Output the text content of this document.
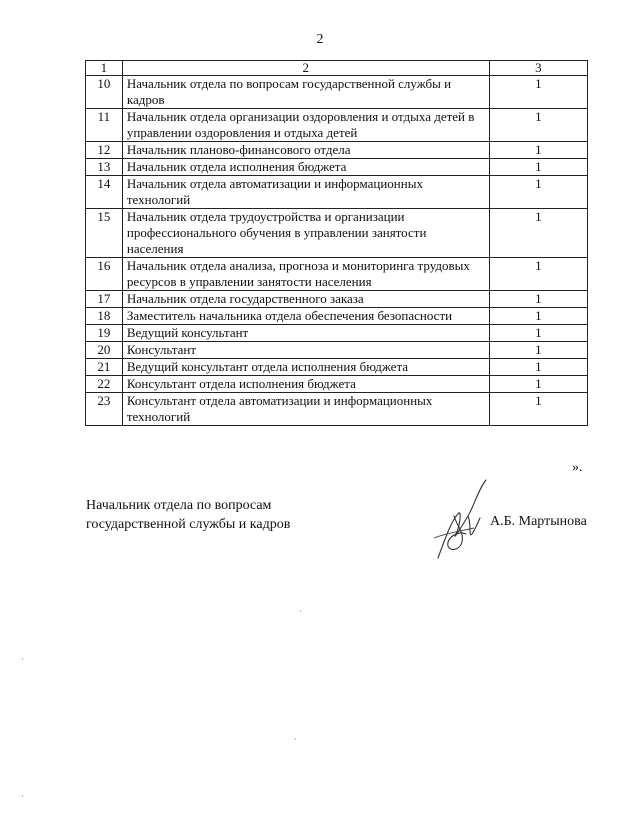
2
1	2	3
10	Начальник отдела по вопросам государственной службы и кадров	1
11	Начальник отдела организации оздоровления и отдыха детей в управлении оздоровления и отдыха детей	1
12	Начальник планово-финансового отдела	1
13	Начальник отдела исполнения бюджета	1
14	Начальник отдела автоматизации и информационных технологий	1
15	Начальник отдела трудоустройства и организации профессионального обучения в управлении занятости населения	1
16	Начальник отдела анализа, прогноза и мониторинга трудовых ресурсов в управлении занятости населения	1
17	Начальник отдела государственного заказа	1
18	Заместитель начальника отдела обеспечения безопасности	1
19	Ведущий консультант	1
20	Консультант	1
21	Ведущий консультант отдела исполнения бюджета	1
22	Консультант отдела исполнения бюджета	1
23	Консультант отдела автоматизации и информационных технологий	1
».
Начальник отдела по вопросам
государственной службы и кадров	А.Б. Мартынова
